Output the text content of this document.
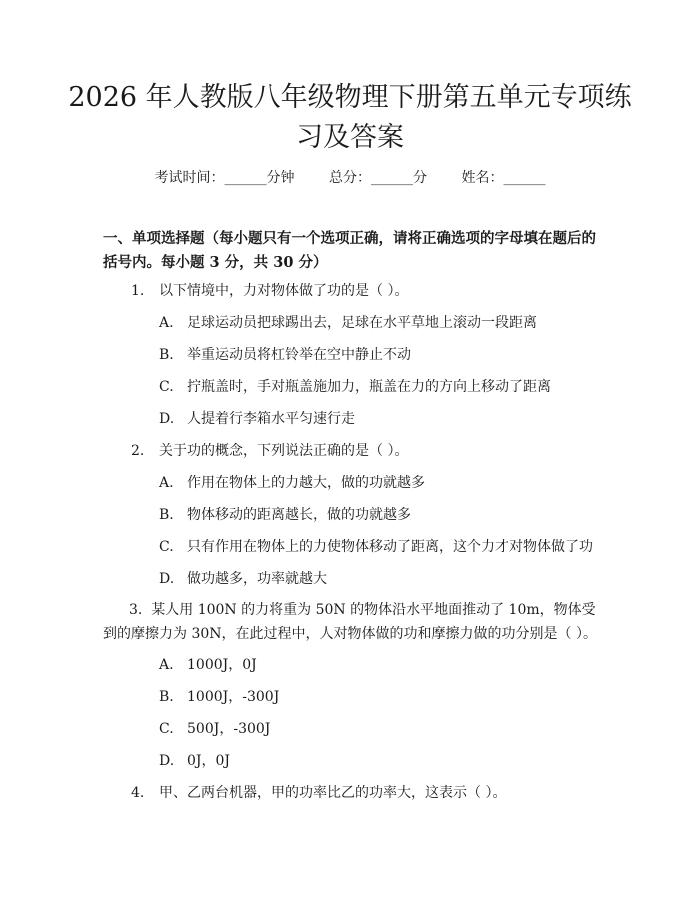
2026 年人教版八年级物理下册第五单元专项练习及答案
考试时间：______分钟 总分：______分 姓名：______
一、单项选择题（每小题只有一个选项正确，请将正确选项的字母填在题后的括号内。每小题 3 分，共 30 分）
1. 以下情境中，力对物体做了功的是（ ）。
A. 足球运动员把球踢出去，足球在水平草地上滚动一段距离
B. 举重运动员将杠铃举在空中静止不动
C. 拧瓶盖时，手对瓶盖施加力，瓶盖在力的方向上移动了距离
D. 人提着行李箱水平匀速行走
2. 关于功的概念，下列说法正确的是（ ）。
A. 作用在物体上的力越大，做的功就越多
B. 物体移动的距离越长，做的功就越多
C. 只有作用在物体上的力使物体移动了距离，这个力才对物体做了功
D. 做功越多，功率就越大

3. 某人用 100N 的力将重为 50N 的物体沿水平地面推动了 10m，物体受到的摩擦力为 30N，在此过程中，人对物体做的功和摩擦力做的功分别是（ ）。

A. 1000J，0J
B. 1000J，-300J
C. 500J，-300J
D. 0J，0J
4. 甲、乙两台机器，甲的功率比乙的功率大，这表示（ ）。
